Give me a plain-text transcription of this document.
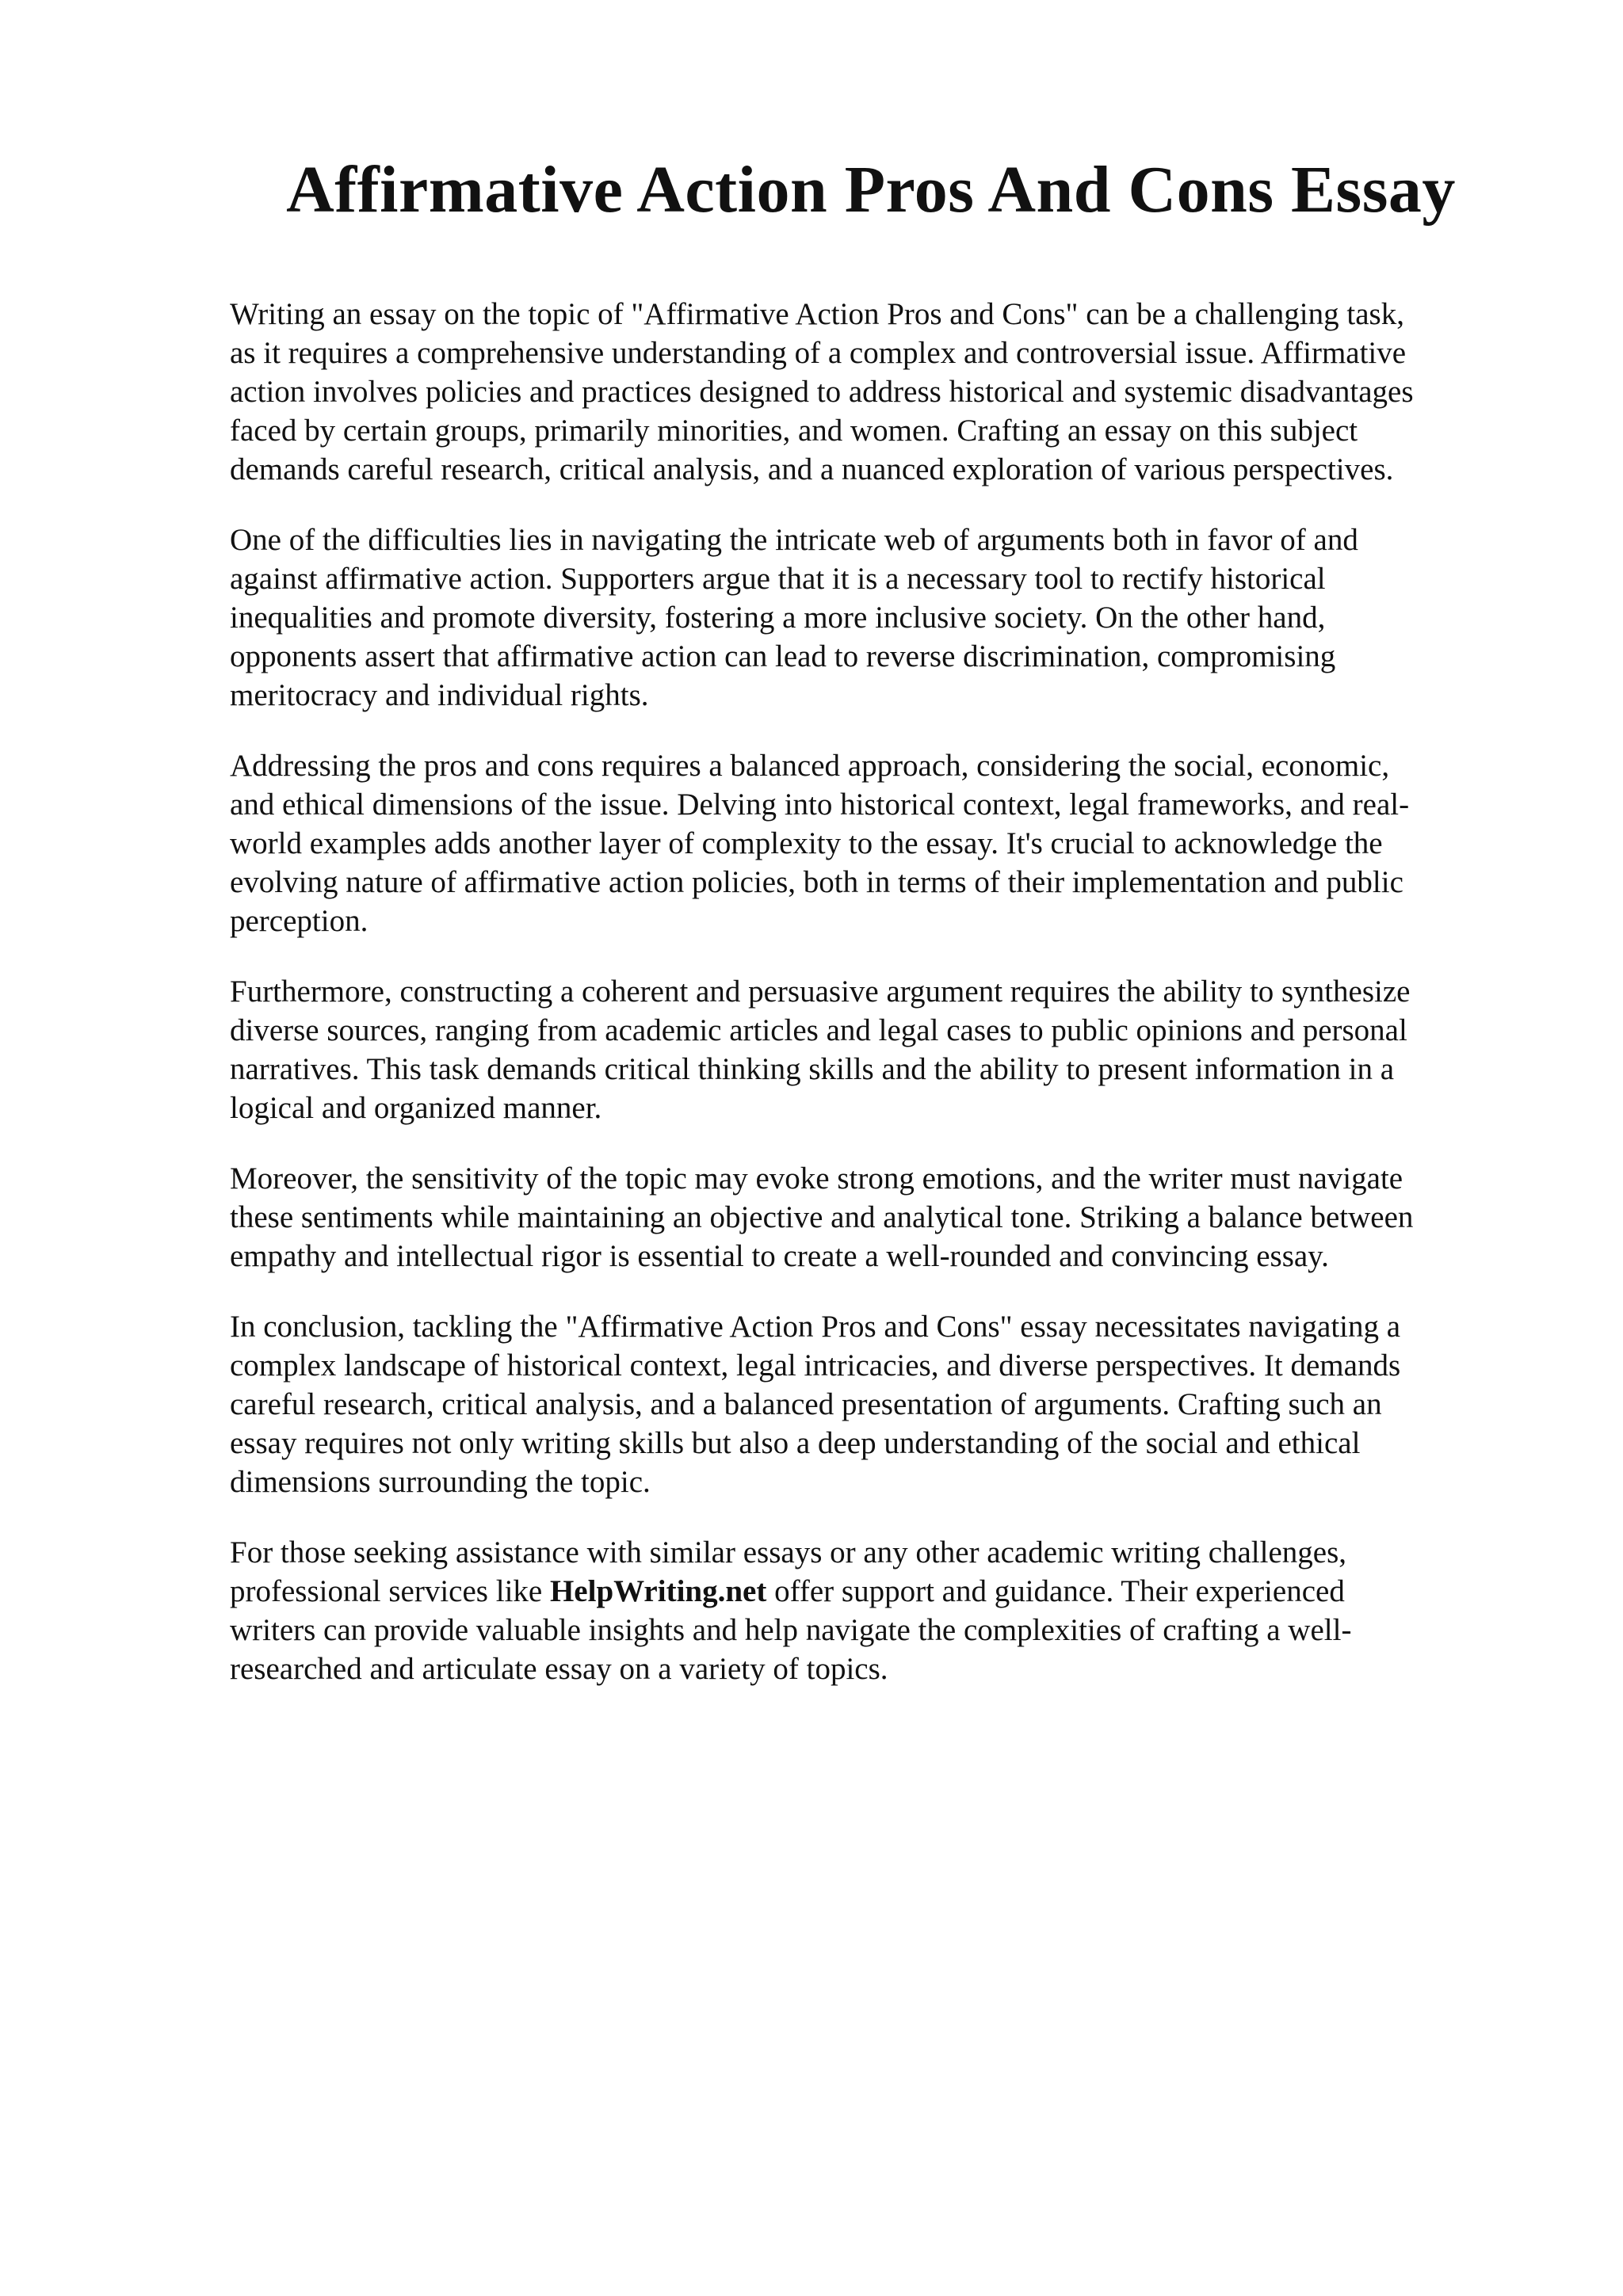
Affirmative Action Pros And Cons Essay

Writing an essay on the topic of "Affirmative Action Pros and Cons" can be a challenging task,
as it requires a comprehensive understanding of a complex and controversial issue. Affirmative
action involves policies and practices designed to address historical and systemic disadvantages
faced by certain groups, primarily minorities, and women. Crafting an essay on this subject
demands careful research, critical analysis, and a nuanced exploration of various perspectives.

One of the difficulties lies in navigating the intricate web of arguments both in favor of and
against affirmative action. Supporters argue that it is a necessary tool to rectify historical
inequalities and promote diversity, fostering a more inclusive society. On the other hand,
opponents assert that affirmative action can lead to reverse discrimination, compromising
meritocracy and individual rights.

Addressing the pros and cons requires a balanced approach, considering the social, economic,
and ethical dimensions of the issue. Delving into historical context, legal frameworks, and real-
world examples adds another layer of complexity to the essay. It's crucial to acknowledge the
evolving nature of affirmative action policies, both in terms of their implementation and public
perception.

Furthermore, constructing a coherent and persuasive argument requires the ability to synthesize
diverse sources, ranging from academic articles and legal cases to public opinions and personal
narratives. This task demands critical thinking skills and the ability to present information in a
logical and organized manner.

Moreover, the sensitivity of the topic may evoke strong emotions, and the writer must navigate
these sentiments while maintaining an objective and analytical tone. Striking a balance between
empathy and intellectual rigor is essential to create a well-rounded and convincing essay.

In conclusion, tackling the "Affirmative Action Pros and Cons" essay necessitates navigating a
complex landscape of historical context, legal intricacies, and diverse perspectives. It demands
careful research, critical analysis, and a balanced presentation of arguments. Crafting such an
essay requires not only writing skills but also a deep understanding of the social and ethical
dimensions surrounding the topic.

For those seeking assistance with similar essays or any other academic writing challenges,
professional services like HelpWriting.net offer support and guidance. Their experienced
writers can provide valuable insights and help navigate the complexities of crafting a well-
researched and articulate essay on a variety of topics.
